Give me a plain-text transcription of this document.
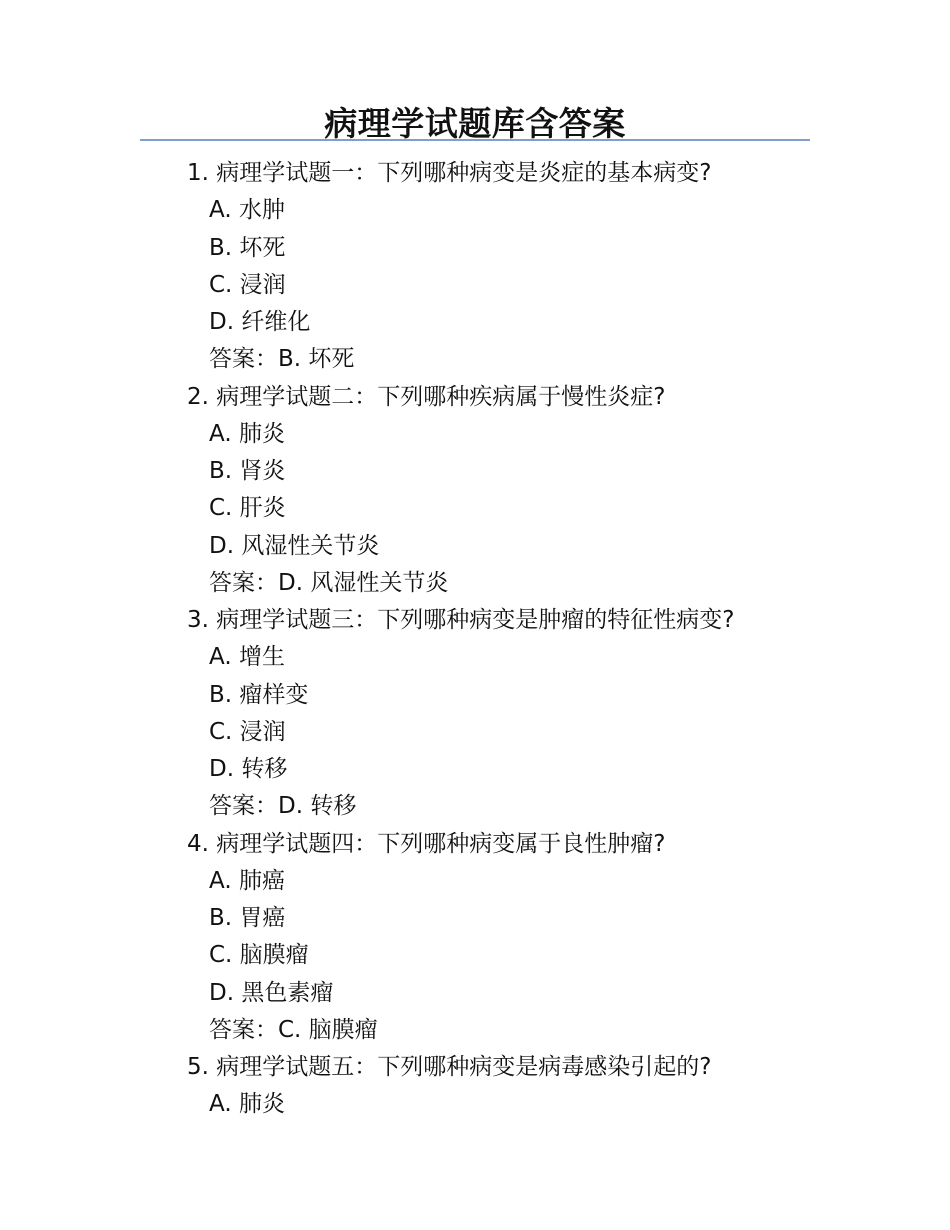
病理学试题库含答案
1. 病理学试题一：下列哪种病变是炎症的基本病变?
A. 水肿
B. 坏死
C. 浸润
D. 纤维化
答案：B. 坏死
2. 病理学试题二：下列哪种疾病属于慢性炎症?
A. 肺炎
B. 肾炎
C. 肝炎
D. 风湿性关节炎
答案：D. 风湿性关节炎
3. 病理学试题三：下列哪种病变是肿瘤的特征性病变?
A. 增生
B. 瘤样变
C. 浸润
D. 转移
答案：D. 转移
4. 病理学试题四：下列哪种病变属于良性肿瘤?
A. 肺癌
B. 胃癌
C. 脑膜瘤
D. 黑色素瘤
答案：C. 脑膜瘤
5. 病理学试题五：下列哪种病变是病毒感染引起的?
A. 肺炎
